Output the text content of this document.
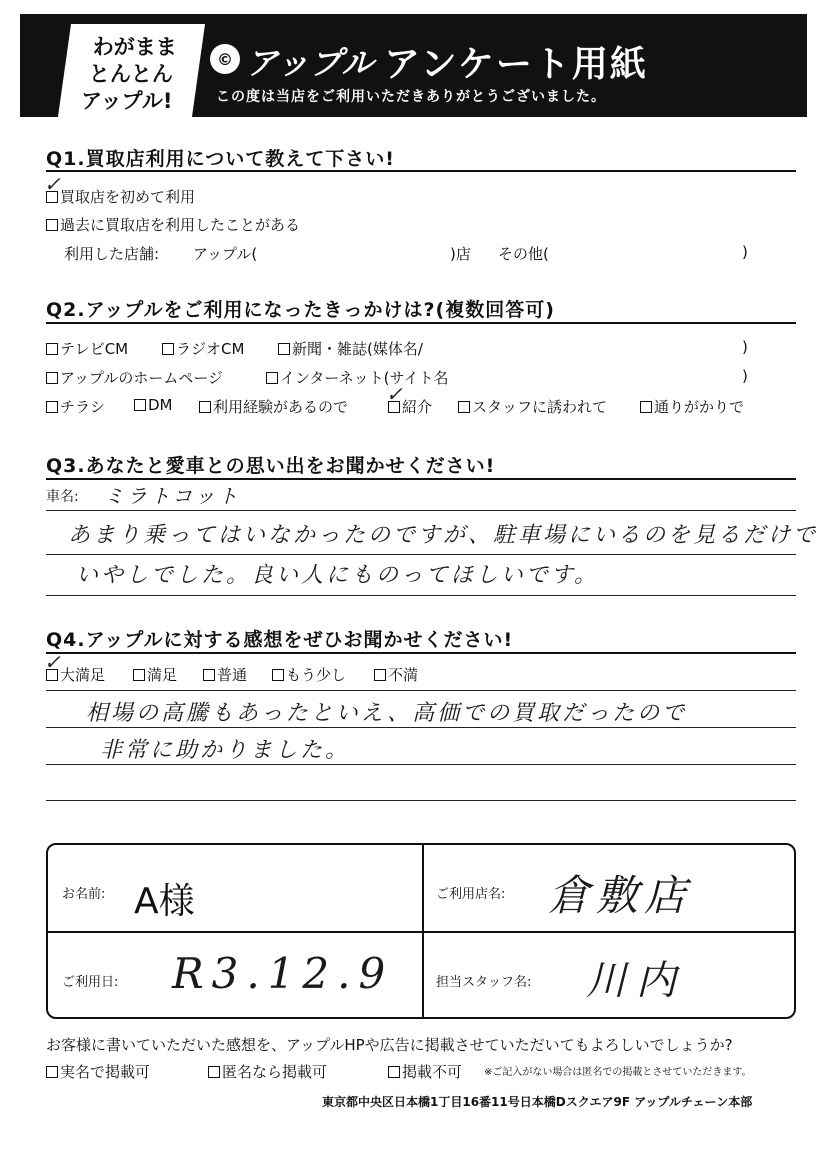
わがまま
とんとん
アップル!
© アップル アンケート用紙
この度は当店をご利用いただきありがとうございました。
Q1.買取店利用について教えて下さい!
買取店を初めて利用
✓
過去に買取店を利用したことがある
利用した店舗: アップル(	)店 その他(	)
Q2.アップルをご利用になったきっかけは?(複数回答可)
テレビCM	ラジオCM	新聞・雑誌(媒体名/	)
アップルのホームページ	インターネット(サイト名	)
チラシ	DM	利用経験があるので	紹介
✓
スタッフに誘われて	通りがかりで
Q3.あなたと愛車との思い出をお聞かせください!
車名: ミラトコット
あまり乗ってはいなかったのですが、駐車場にいるのを見るだけで
いやしでした。良い人にものってほしいです。
Q4.アップルに対する感想をぜひお聞かせください!
大満足
✓
満足	普通	もう少し	不満
相場の高騰もあったといえ、高価での買取だったので
非常に助かりました。
お名前: A様	ご利用店名: 倉敷店
ご利用日: R3.12.9	担当スタッフ名: 川内
お客様に書いていただいた感想を、アップルHPや広告に掲載させていただいてもよろしいでしょうか?
実名で掲載可	匿名なら掲載可	掲載不可 ※ご記入がない場合は匿名での掲載とさせていただきます。
東京都中央区日本橋1丁目16番11号日本橋Dスクエア9F アップルチェーン本部
